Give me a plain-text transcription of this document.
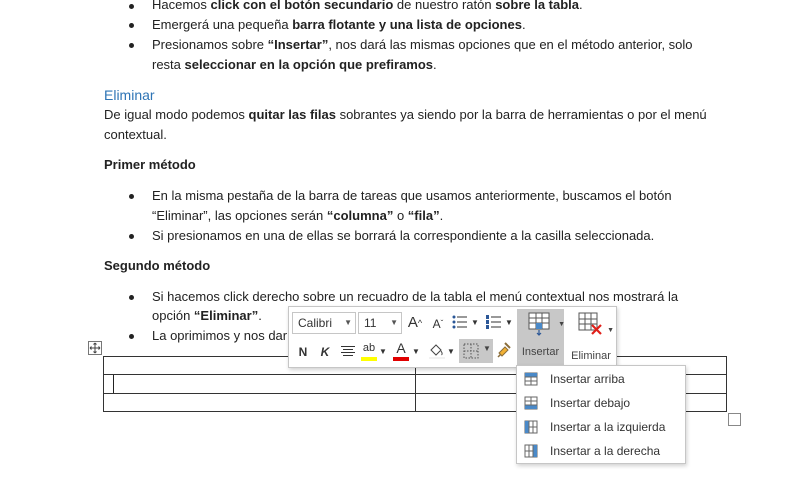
Hacemos click con el botón secundario de nuestro ratón sobre la tabla.
Emergerá una pequeña barra flotante y una lista de opciones.
Presionamos sobre “Insertar”, nos dará las mismas opciones que en el método anterior, solo
resta seleccionar en la opción que prefiramos.
Eliminar
De igual modo podemos quitar las filas sobrantes ya siendo por la barra de herramientas o por el menú
contextual.
Primer método
En la misma pestaña de la barra de tareas que usamos anteriormente, buscamos el botón
“Eliminar”, las opciones serán “columna” o “fila”.
Si presionamos en una de ellas se borrará la correspondiente a la casilla seleccionada.
Segundo método
Si hacemos click derecho sobre un recuadro de la tabla el menú contextual nos mostrará la
opción “Eliminar”.
La oprimimos y nos dar
Calibri ▼	11 ▼ A^ $A^ˇ$	▼	▼	▼
Insertar
▼
Eliminar
N K	ab ▼ A ▼	▼	▼
Insertar arriba
Insertar debajo
Insertar a la izquierda
Insertar a la derecha
